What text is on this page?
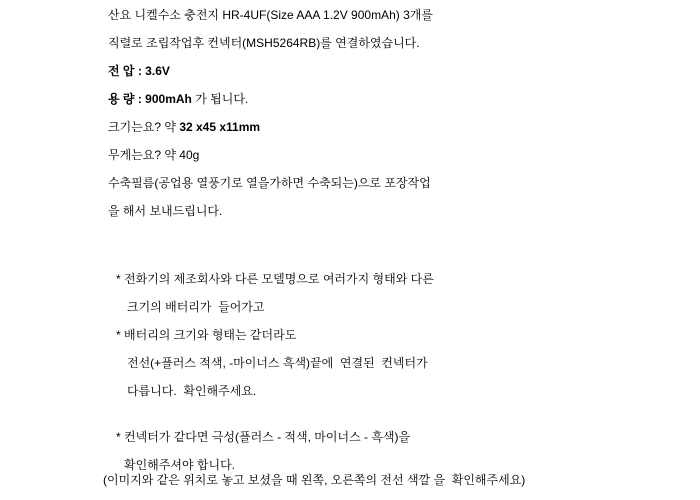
산요 니켈수소 충전지 HR-4UF(Size AAA 1.2V 900mAh) 3개를
직렬로 조립작업후 컨넥터(MSH5264RB)를 연결하였습니다.
전 압 : 3.6V
용 량 : 900mAh 가 됩니다.
크기는요? 약 32 x45 x11mm
무게는요? 약 40g
수축필름(공업용 열풍기로 열을가하면 수축되는)으로 포장작업
을 해서 보내드립니다.
* 전화기의 제조회사와 다른 모델명으로 여러가지 형태와 다른
크기의 배터리가  들어가고
* 배터리의 크기와 형태는 같더라도
전선(+플러스 적색, -마이너스 흑색)끝에  연결된  컨넥터가
다릅니다.  확인해주세요.
* 컨넥터가 같다면 극성(플러스 - 적색, 마이너스 - 흑색)을
확인해주셔야 합니다.
(이미지와 같은 위치로 놓고 보셨을 때 왼쪽, 오른쪽의 전선 색깔 을  확인해주세요)
